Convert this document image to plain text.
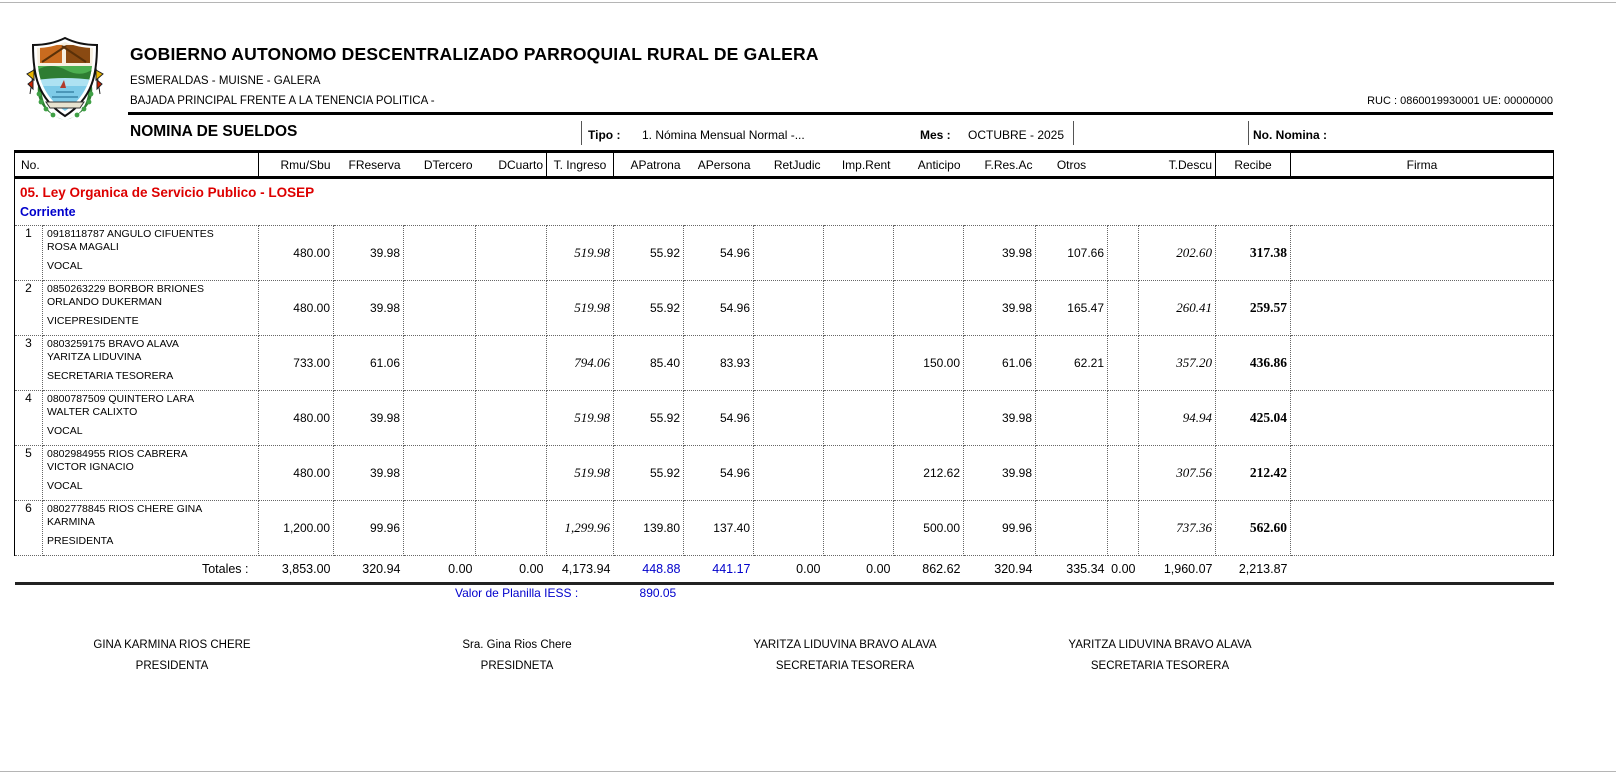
GOBIERNO AUTONOMO DESCENTRALIZADO PARROQUIAL RURAL DE GALERA
ESMERALDAS - MUISNE - GALERA
BAJADA PRINCIPAL FRENTE A LA TENENCIA POLITICA -	RUC : 0860019930001 UE: 00000000
NOMINA DE SUELDOS	Tipo : 1. Nómina Mensual Normal -...	Mes : OCTUBRE - 2025	No. Nomina :
No.		Rmu/Sbu	FReserva	DTercero	DCuarto	T. Ingreso	APatrona	APersona	RetJudic	Imp.Rent	Anticipo	F.Res.Ac	Otros		T.Descu	Recibe	Firma
05. Ley Organica de Servicio Publico - LOSEP																	
Corriente																	
1	0918118787 ANGULO CIFUENTES ROSA MAGALI
VOCAL	480.00	39.98			519.98	55.92	54.96				39.98	107.66		202.60	317.38	
2	0850263229 BORBOR BRIONES ORLANDO DUKERMAN
VICEPRESIDENTE	480.00	39.98			519.98	55.92	54.96				39.98	165.47		260.41	259.57	
3	0803259175 BRAVO ALAVA YARITZA LIDUVINA
SECRETARIA TESORERA	733.00	61.06			794.06	85.40	83.93			150.00	61.06	62.21		357.20	436.86	
4	0800787509 QUINTERO LARA WALTER CALIXTO
VOCAL	480.00	39.98			519.98	55.92	54.96				39.98			94.94	425.04	
5	0802984955 RIOS CABRERA VICTOR IGNACIO
VOCAL	480.00	39.98			519.98	55.92	54.96			212.62	39.98			307.56	212.42	
6	0802778845 RIOS CHERE GINA KARMINA
PRESIDENTA	1,200.00	99.96			1,299.96	139.80	137.40			500.00	99.96			737.36	562.60	
Totales :		3,853.00	320.94	0.00	0.00	4,173.94	448.88	441.17	0.00	0.00	862.62	320.94	335.34	0.00	1,960.07	2,213.87	
Valor de Planilla IESS :	890.05
GINA KARMINA RIOS CHERE
PRESIDENTA
Sra. Gina Rios Chere
PRESIDNETA
YARITZA LIDUVINA BRAVO ALAVA
SECRETARIA TESORERA
YARITZA LIDUVINA BRAVO ALAVA
SECRETARIA TESORERA
